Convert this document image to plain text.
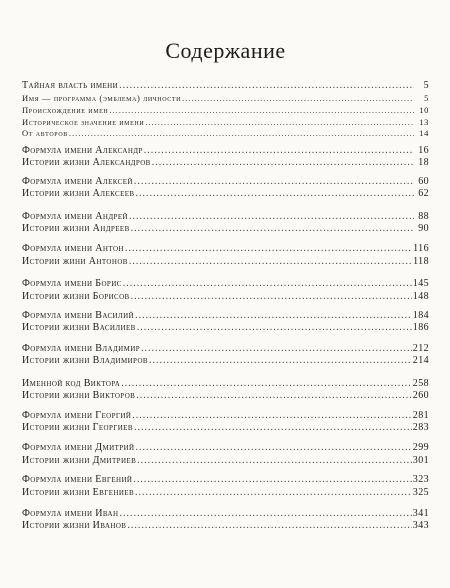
· · · · · · · · · · · · · · · · · · · · · ·
· · · · · · · · · · · · · · · · · · · · · · · ·
· · · · · · · · · · · · · · · · · · · · · ·
· · · · · · · · · · · · · · · · · · · · · · ·
· · · · · · · · · · · · · · · · · · · ·
Содержание
Тайная власть имени .....	5
Имя — программа (эмблема) личности .....	5
Происхождение имен .....	10
Историческое значение имени .....	13
От авторов .....	14
Формула имени Александр .....	16
Истории жизни Александров .....	18
Формула имени Алексей .....	60
Истории жизни Алексеев .....	62
Формула имени Андрей .....	88
Истории жизни Андреев .....	90
Формула имени Антон .....	116
Истории жини Антонов .....	118
Формула имени Борис .....	145
Истории жизни Борисов .....	148
Формула имени Василий .....	184
Истории жизни Василиев .....	186
Формула имени Владимир .....	212
Истории жизни Владимиров .....	214
Именной код Виктора .....	258
Истории жизни Викторов .....	260
Формула имени Георгий .....	281
Истории жизни Георгиев .....	283
Формула имени Дмитрий .....	299
Истории жизни Дмитриев .....	301
Формула имени Евгений .....	323
Истории жизни Евгениев .....	325
Формула имени Иван .....	341
Истории жизни Иванов .....	343
